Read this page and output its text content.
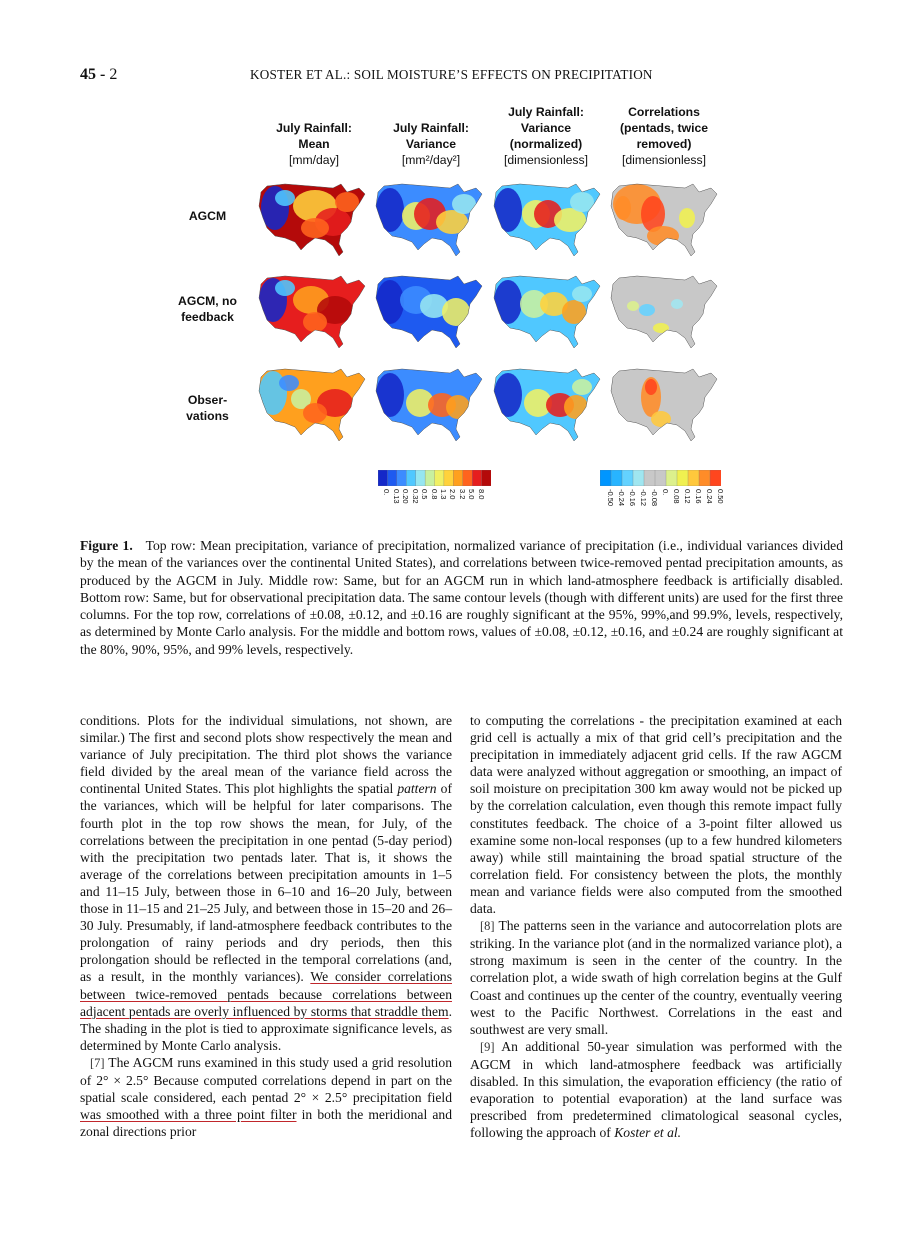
45 - 2	KOSTER ET AL.: SOIL MOISTURE’S EFFECTS ON PRECIPITATION
July Rainfall:
Mean
[mm/day]
July Rainfall:
Variance
[mm²/day²]
July Rainfall:
Variance
(normalized)
[dimensionless]
Correlations
(pentads, twice
removed)
[dimensionless]
AGCM
AGCM, no
feedback
Obser-
vations
0. 0.13 0.20 0.32 0.5 0.8 1.3 2.0 3.2 5.0 8.0	-0.50 -0.24 -0.16 -0.12 -0.08 0. 0.08 0.12 0.16 0.24 0.50
Figure 1. Top row: Mean precipitation, variance of precipitation, normalized variance of precipitation (i.e., individual variances divided by the mean of the variances over the continental United States), and correlations between twice-removed pentad precipitation amounts, as produced by the AGCM in July. Middle row: Same, but for an AGCM run in which land-atmosphere feedback is artificially disabled. Bottom row: Same, but for observational precipitation data. The same contour levels (though with different units) are used for the first three columns. For the top row, correlations of ±0.08, ±0.12, and ±0.16 are roughly significant at the 95%, 99%,and 99.9%, levels, respectively, as determined by Monte Carlo analysis. For the middle and bottom rows, values of ±0.08, ±0.12, ±0.16, and ±0.24 are roughly significant at the 80%, 90%, 95%, and 99% levels, respectively.

conditions. Plots for the individual simulations, not shown, are similar.) The first and second plots show respectively the mean and variance of July precipitation. The third plot shows the variance field divided by the areal mean of the variance field across the continental United States. This plot highlights the spatial pattern of the variances, which will be helpful for later comparisons. The fourth plot in the top row shows the mean, for July, of the correlations between the precipitation in one pentad (5-day period) with the precipitation two pentads later. That is, it shows the average of the correlations between precipitation amounts in 1–5 and 11–15 July, between those in 6–10 and 16–20 July, between those in 11–15 and 21–25 July, and between those in 15–20 and 26–30 July. Presumably, if land-atmosphere feedback contributes to the prolongation of rainy periods and dry periods, then this prolongation should be reflected in the temporal correlations (and, as a result, in the monthly variances). We consider correlations between twice-removed pentads because correlations between adjacent pentads are overly influenced by storms that straddle them. The shading in the plot is tied to approximate significance levels, as determined by Monte Carlo analysis.

[7] The AGCM runs examined in this study used a grid resolution of 2° × 2.5° Because computed correlations depend in part on the spatial scale considered, each pentad 2° × 2.5° precipitation field was smoothed with a three point filter in both the meridional and zonal directions prior

to computing the correlations - the precipitation examined at each grid cell is actually a mix of that grid cell’s precipitation and the precipitation in immediately adjacent grid cells. If the raw AGCM data were analyzed without aggregation or smoothing, an impact of soil moisture on precipitation 300 km away would not be picked up by the correlation calculation, even though this remote impact fully constitutes feedback. The choice of a 3-point filter allowed us examine some non-local responses (up to a few hundred kilometers away) while still maintaining the broad spatial structure of the correlation field. For consistency between the plots, the monthly mean and variance fields were also computed from the smoothed data.

[8] The patterns seen in the variance and autocorrelation plots are striking. In the variance plot (and in the normalized variance plot), a strong maximum is seen in the center of the country. In the correlation plot, a wide swath of high correlation begins at the Gulf Coast and continues up the center of the country, eventually veering west to the Pacific Northwest. Correlations in the east and southwest are very small.

[9] An additional 50-year simulation was performed with the AGCM in which land-atmosphere feedback was artificially disabled. In this simulation, the evaporation efficiency (the ratio of evaporation to potential evaporation) at the land surface was prescribed from predetermined climatological seasonal cycles, following the approach of Koster et al.
